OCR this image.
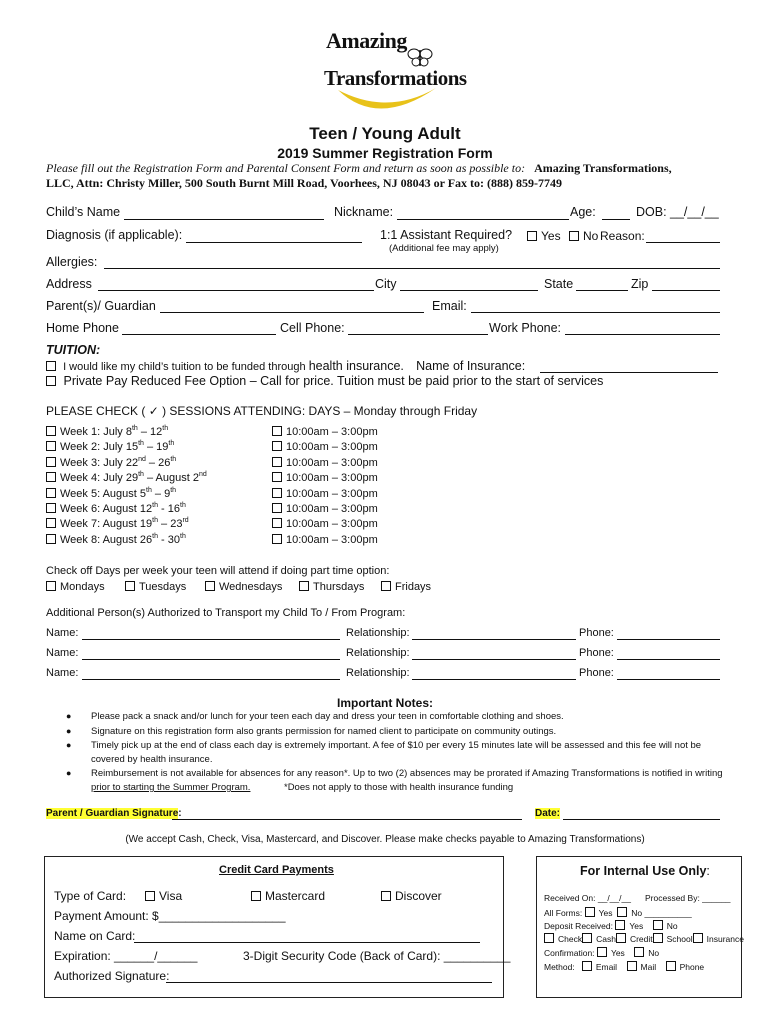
Amazing
Transformations
Teen / Young Adult
2019 Summer Registration Form
Please fill out the Registration Form and Parental Consent Form and return as soon as possible to: Amazing Transformations,
LLC, Attn: Christy Miller, 500 South Burnt Mill Road, Voorhees, NJ 08043 or Fax to: (888) 859-7749
Child’s Name	Nickname:	Age:	DOB: __/__/__
Diagnosis (if applicable):	1:1 Assistant Required?	Yes	No Reason:
(Additional fee may apply)
Allergies:
Address	City	State	Zip
Parent(s)/ Guardian	Email:
Home Phone	Cell Phone:	Work Phone:
TUITION:
I would like my child’s tuition to be funded through health insurance. Name of Insurance:
Private Pay Reduced Fee Option – Call for price. Tuition must be paid prior to the start of services
PLEASE CHECK ( ✓ ) SESSIONS ATTENDING: DAYS – Monday through Friday
Week 1: July 8th – 12th	10:00am – 3:00pm
Week 2: July 15th – 19th	10:00am – 3:00pm
Week 3: July 22nd – 26th	10:00am – 3:00pm
Week 4: July 29th – August 2nd	10:00am – 3:00pm
Week 5: August 5th – 9th	10:00am – 3:00pm
Week 6: August 12th - 16th	10:00am – 3:00pm
Week 7: August 19th – 23rd	10:00am – 3:00pm
Week 8: August 26th - 30th	10:00am – 3:00pm
Check off Days per week your teen will attend if doing part time option:
Mondays	Tuesdays	Wednesdays	Thursdays	Fridays
Additional Person(s) Authorized to Transport my Child To / From Program:
Name:	Relationship:	Phone:
Name:	Relationship:	Phone:
Name:	Relationship:	Phone:
Important Notes:
● Please pack a snack and/or lunch for your teen each day and dress your teen in comfortable clothing and shoes.
● Signature on this registration form also grants permission for named client to participate on community outings.
● Timely pick up at the end of class each day is extremely important. A fee of $10 per every 15 minutes late will be assessed and this fee will not be
covered by health insurance.
● Reimbursement is not available for absences for any reason*. Up to two (2) absences may be prorated if Amazing Transformations is notified in writing
prior to starting the Summer Program.	*Does not apply to those with health insurance funding
Parent / Guardian Signature:	Date:
(We accept Cash, Check, Visa, Mastercard, and Discover. Please make checks payable to Amazing Transformations)
Credit Card Payments
Type of Card:	Visa	Mastercard	Discover
Payment Amount: $___________________
Name on Card:
Expiration: ______/______	3-Digit Security Code (Back of Card): __________
Authorized Signature:
For Internal Use Only:
Received On: __/__/__ Processed By: ______
All Forms: Yes No __________
Deposit Received: Yes	No
Check Cash Credit School Insurance
Confirmation: Yes	No
Method: Email	Mail	Phone
